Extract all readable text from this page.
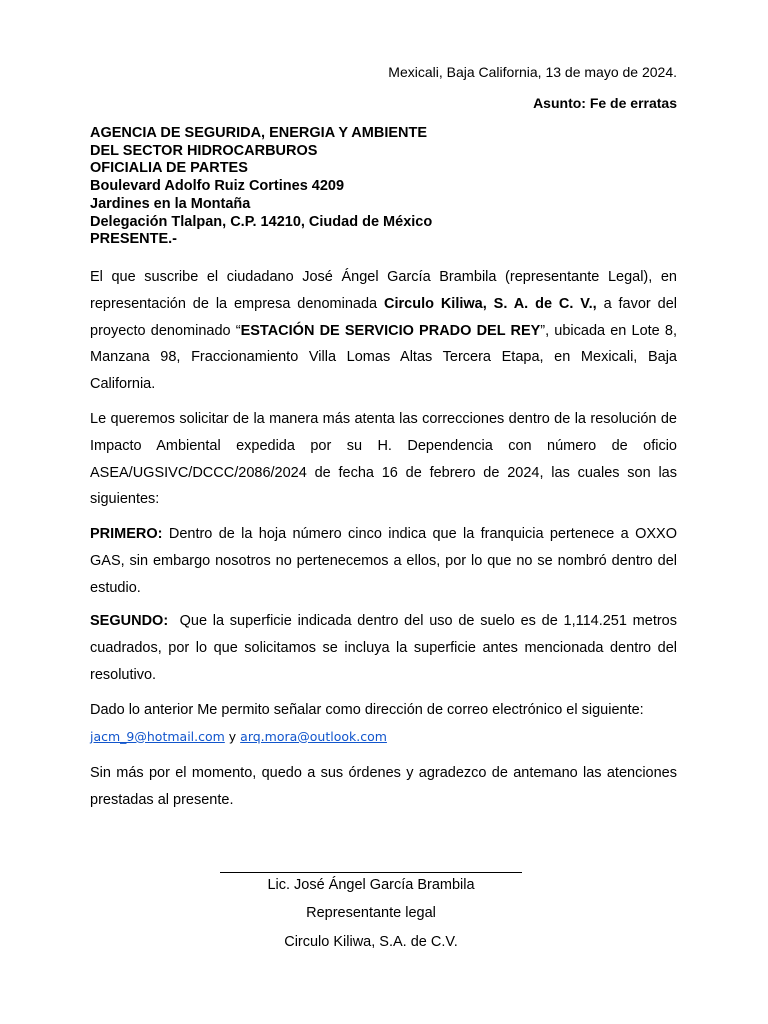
Mexicali, Baja California, 13 de mayo de 2024.
Asunto: Fe de erratas
AGENCIA DE SEGURIDA, ENERGIA Y AMBIENTE
DEL SECTOR HIDROCARBUROS
OFICIALIA DE PARTES
Boulevard Adolfo Ruiz Cortines 4209
Jardines en la Montaña
Delegación Tlalpan, C.P. 14210, Ciudad de México
PRESENTE.-

El que suscribe el ciudadano José Ángel García Brambila (representante Legal), en representación de la empresa denominada Circulo Kiliwa, S. A. de C. V., a favor del proyecto denominado “ESTACIÓN DE SERVICIO PRADO DEL REY”, ubicada en Lote 8, Manzana 98, Fraccionamiento Villa Lomas Altas Tercera Etapa, en Mexicali, Baja California.

Le queremos solicitar de la manera más atenta las correcciones dentro de la resolución de Impacto Ambiental expedida por su H. Dependencia con número de oficio ASEA/UGSIVC/DCCC/2086/2024 de fecha 16 de febrero de 2024, las cuales son las siguientes:

PRIMERO: Dentro de la hoja número cinco indica que la franquicia pertenece a OXXO GAS, sin embargo nosotros no pertenecemos a ellos, por lo que no se nombró dentro del estudio.

SEGUNDO:  Que la superficie indicada dentro del uso de suelo es de 1,114.251 metros cuadrados, por lo que solicitamos se incluya la superficie antes mencionada dentro del resolutivo.

Dado lo anterior Me permito señalar como dirección de correo electrónico el siguiente:
jacm_9@hotmail.com y arq.mora@outlook.com

Sin más por el momento, quedo a sus órdenes y agradezco de antemano las atenciones prestadas al presente.

Lic. José Ángel García Brambila
Representante legal
Circulo Kiliwa, S.A. de C.V.
